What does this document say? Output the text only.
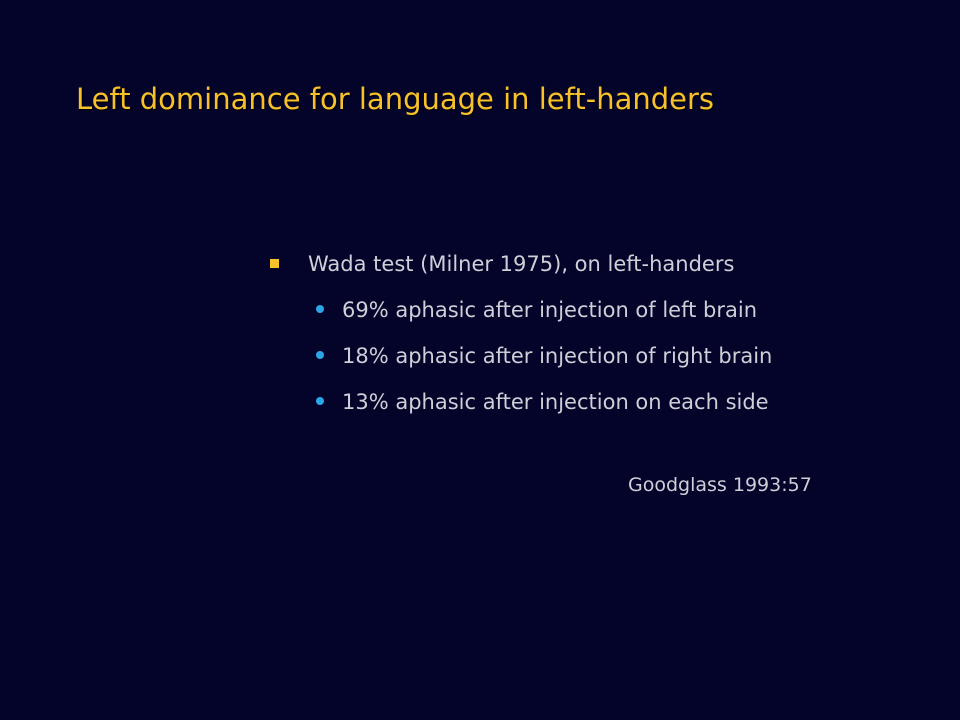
Left dominance for language in left-handers
Wada test (Milner 1975), on left-handers
69% aphasic after injection of left brain
18% aphasic after injection of right brain
13% aphasic after injection on each side
Goodglass 1993:57
